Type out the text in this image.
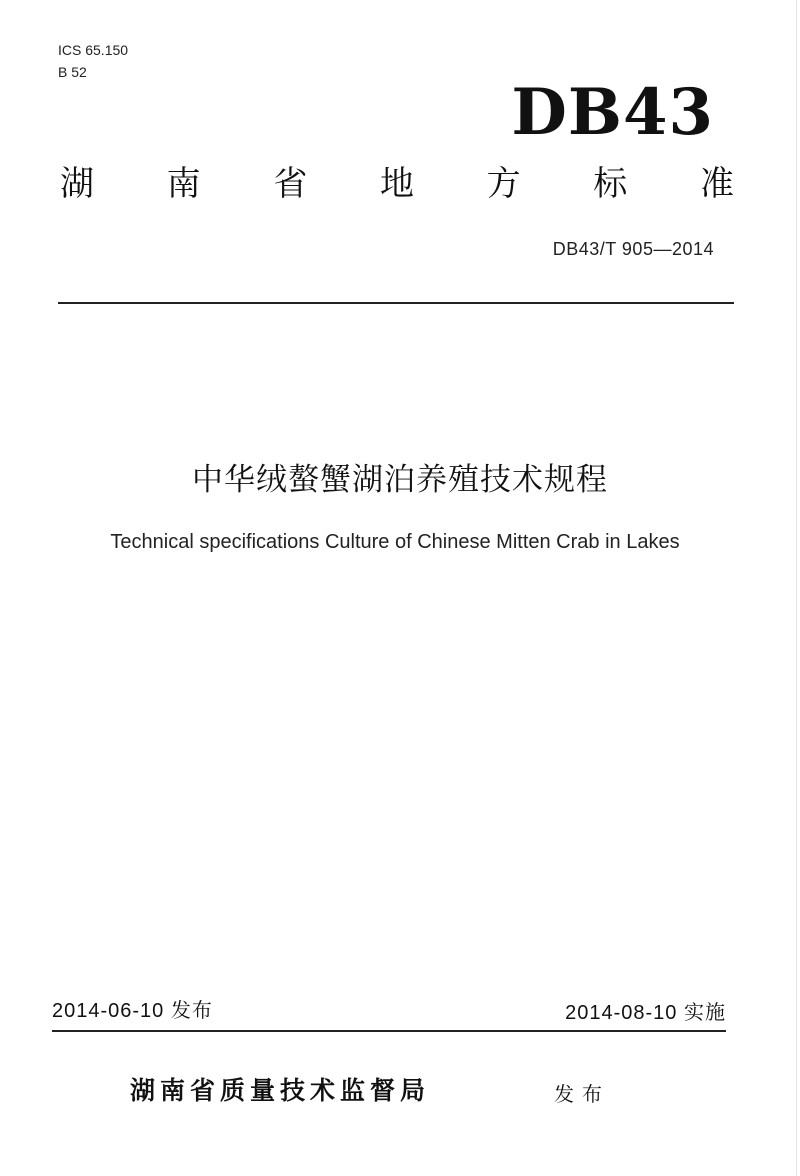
ICS 65.150
B 52
DB43
湖 南 省 地 方 标 准
DB43/T 905—2014
中华绒螯蟹湖泊养殖技术规程
Technical specifications Culture of Chinese Mitten Crab in Lakes
2014-06-10 发布	2014-08-10 实施
湖南省质量技术监督局	发布
